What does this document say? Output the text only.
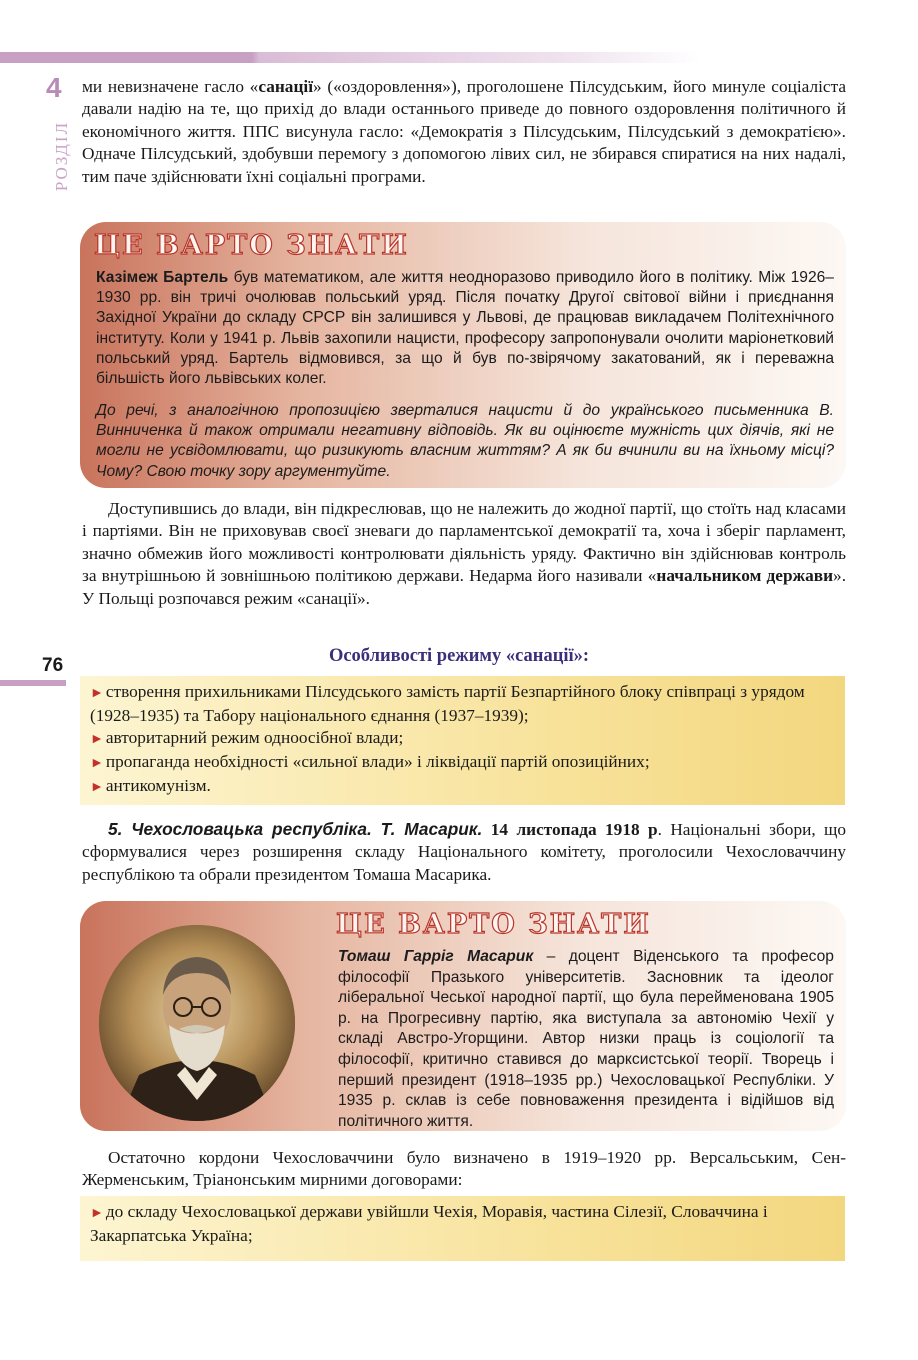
4
РОЗДІЛ

ми невизначене гасло «санації» («оздоровлення»), проголошене Пілсудським, його минуле соціаліста давали надію на те, що прихід до влади останнього приведе до повного оздоровлення політичного й економічного життя. ППС висунула гасло: «Демократія з Пілсудським, Пілсудський з демократією». Одначе Пілсудський, здобувши перемогу з допомогою лівих сил, не збирався спиратися на них надалі, тим паче здійснювати їхні соціальні програми.

ЦЕ ВАРТО ЗНАТИ

Казімеж Бартель був математиком, але життя неодноразово приводило його в політику. Між 1926–1930 рр. він тричі очолював польський уряд. Після початку Другої світової війни і приєднання Західної України до складу СРСР він залишився у Львові, де працював викладачем Політехнічного інституту. Коли у 1941 р. Львів захопили нацисти, професору запропонували очолити маріонетковий польський уряд. Бартель відмовився, за що й був по-звірячому закатований, як і переважна більшість його львівських колег.

До речі, з аналогічною пропозицією зверталися нацисти й до українського письменника В. Винниченка й також отримали негативну відповідь. Як ви оцінюєте мужність цих діячів, які не могли не усвідомлювати, що ризикують власним життям? А як би вчинили ви на їхньому місці? Чому? Свою точку зору аргументуйте.

Доступившись до влади, він підкреслював, що не належить до жодної партії, що стоїть над класами і партіями. Він не приховував своєї зневаги до парламентської демократії та, хоча і зберіг парламент, значно обмежив його можливості контролювати діяльність уряду. Фактично він здійснював контроль за внутрішньою й зовнішньою політикою держави. Недарма його називали «начальником держави». У Польщі розпочався режим «санації».

76	Особливості режиму «санації»:

► створення прихильниками Пілсудського замість партії Безпартійного блоку співпраці з урядом (1928–1935) та Табору національного єднання (1937–1939);

► авторитарний режим одноосібної влади;

► пропаганда необхідності «сильної влади» і ліквідації партій опозиційних;

► антикомунізм.

5. Чехословацька республіка. Т. Масарик. 14 листопада 1918 р. Національні збори, що сформувалися через розширення складу Національного комітету, проголосили Чехословаччину республікою та обрали президентом Томаша Масарика.

ЦЕ ВАРТО ЗНАТИ

Томаш Гарріг Масарик – доцент Віденського та професор філософії Празького університетів. Засновник та ідеолог ліберальної Чеської народної партії, що була перейменована 1905 р. на Прогресивну партію, яка виступала за автономію Чехії у складі Австро-Угорщини. Автор низки праць із соціології та філософії, критично ставився до марксистської теорії. Творець і перший президент (1918–1935 рр.) Чехословацької Республіки. У 1935 р. склав із себе повноваження президента і відійшов від політичного життя.

Остаточно кордони Чехословаччини було визначено в 1919–1920 рр. Версальським, Сен-Жерменським, Тріанонським мирними договорами:

► до складу Чехословацької держави увійшли Чехія, Моравія, частина Сілезії, Словаччина і Закарпатська Україна;
